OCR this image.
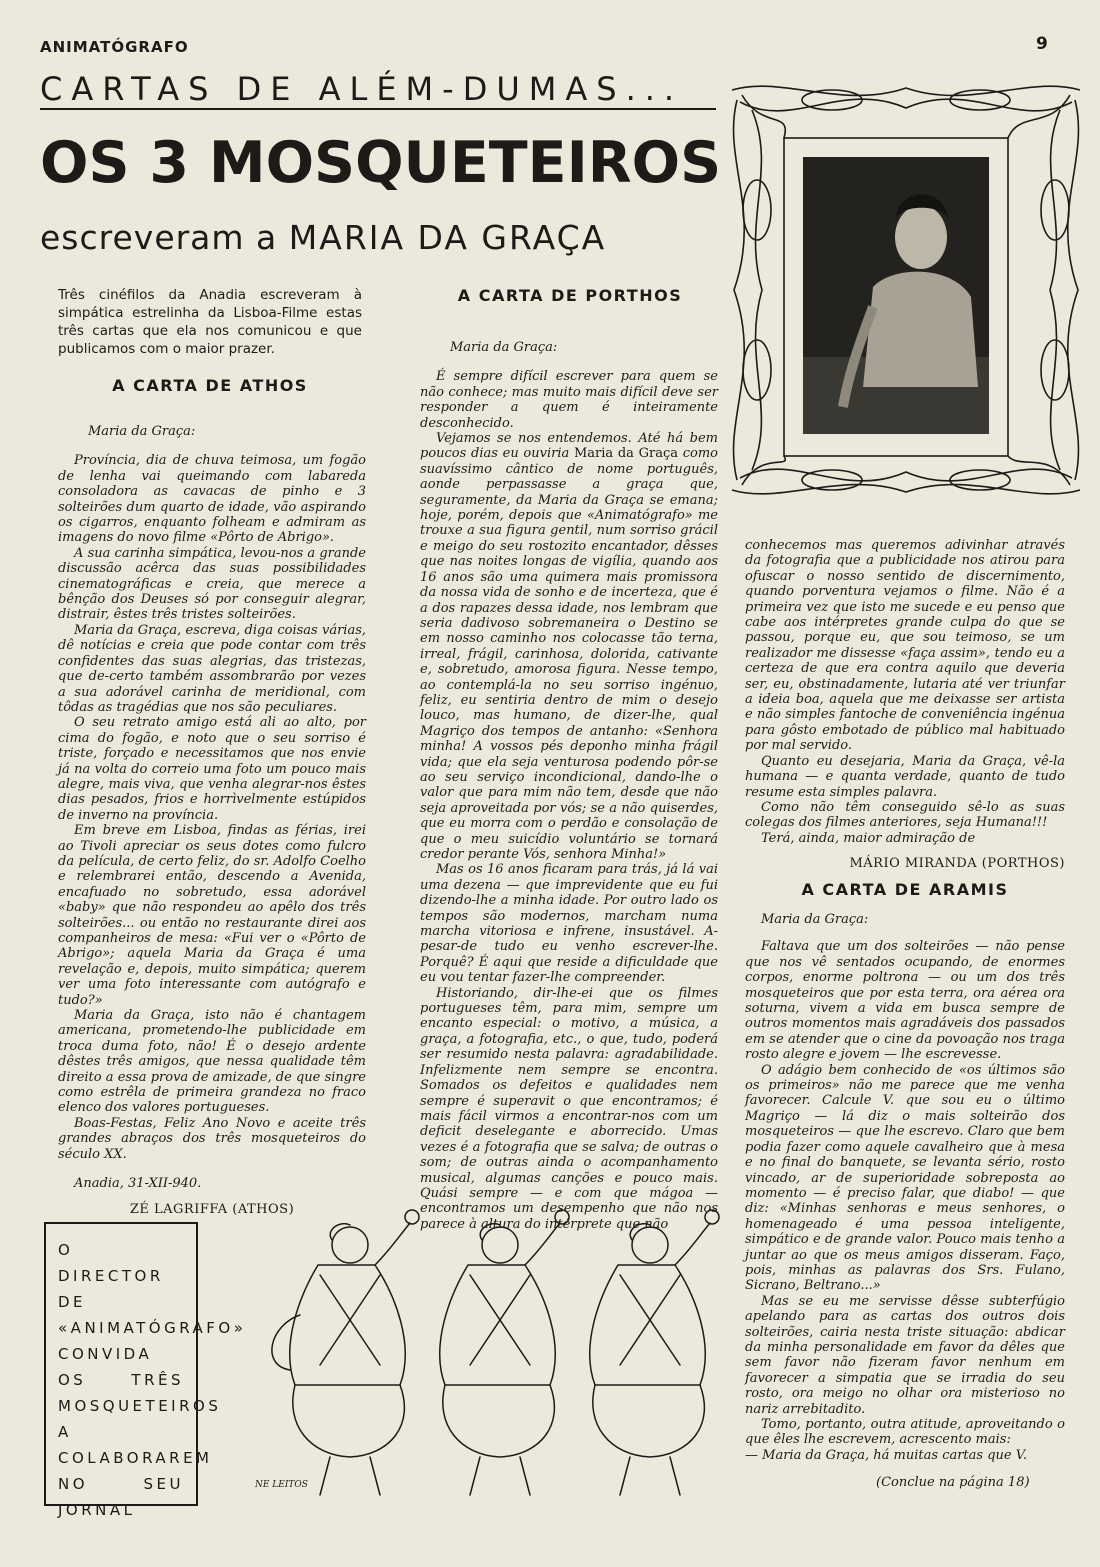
ANIMATÓGRAFO	9
CARTAS DE ALÉM-DUMAS...
OS 3 MOSQUETEIROS
escreveram a MARIA DA GRAÇA
Três cinéfilos da Anadia escreveram à simpática estrelinha da Lisboa-Filme estas três cartas que ela nos comunicou e que publicamos com o maior prazer.
A CARTA DE ATHOS

Maria da Graça:

Província, dia de chuva teimosa, um fogão de lenha vai queimando com labareda consoladora as cavacas de pinho e 3 solteirões dum quarto de idade, vão aspirando os cigarros, enquanto folheam e admiram as imagens do novo filme «Pôrto de Abrigo».

A sua carinha simpática, levou-nos a grande discussão acêrca das suas possibilidades cinematográficas e creia, que merece a bênção dos Deuses só por conseguir alegrar, distrair, êstes três tristes solteirões.

Maria da Graça, escreva, diga coisas várias, dê notícias e creia que pode contar com três confidentes das suas alegrias, das tristezas, que de-certo também assombrarão por vezes a sua adorável carinha de meridional, com tôdas as tragédias que nos são peculiares.

O seu retrato amigo está ali ao alto, por cima do fogão, e noto que o seu sorriso é triste, forçado e necessitamos que nos envie já na volta do correio uma foto um pouco mais alegre, mais viva, que venha alegrar-nos êstes dias pesados, frios e horrìvelmente estúpidos de inverno na província.

Em breve em Lisboa, findas as férias, irei ao Tivoli apreciar os seus dotes como fulcro da película, de certo feliz, do sr. Adolfo Coelho e relembrarei então, descendo a Avenida, encafuado no sobretudo, essa adorável «baby» que não respondeu ao apêlo dos três solteirões... ou então no restaurante direi aos companheiros de mesa: «Fui ver o «Pôrto de Abrigo»; aquela Maria da Graça é uma revelação e, depois, muito simpática; querem ver uma foto interessante com autógrafo e tudo?»

Maria da Graça, isto não é chantagem americana, prometendo-lhe publicidade em troca duma foto, não! É o desejo ardente dêstes três amigos, que nessa qualidade têm direito a essa prova de amizade, de que singre como estrêla de primeira grandeza no fraco elenco dos valores portugueses.

Boas-Festas, Feliz Ano Novo e aceite três grandes abraços dos três mosqueteiros do século XX.

Anadia, 31-XII-940.

ZÉ LAGRIFFA (ATHOS)

A CARTA DE PORTHOS

Maria da Graça:

É sempre difícil escrever para quem se não conhece; mas muito mais difícil deve ser responder a quem é inteiramente desconhecido.

Vejamos se nos entendemos. Até há bem poucos dias eu ouviria Maria da Graça como suavíssimo cântico de nome português, aonde perpassasse a graça que, seguramente, da Maria da Graça se emana; hoje, porém, depois que «Animatógrafo» me trouxe a sua figura gentil, num sorriso grácil e meigo do seu rostozito encantador, dêsses que nas noites longas de vigília, quando aos 16 anos são uma quimera mais promissora da nossa vida de sonho e de incerteza, que é a dos rapazes dessa idade, nos lembram que seria dadivoso sobremaneira o Destino se em nosso caminho nos colocasse tão terna, irreal, frágil, carinhosa, dolorida, cativante e, sobretudo, amorosa figura. Nesse tempo, ao contemplá-la no seu sorriso ingénuo, feliz, eu sentiria dentro de mim o desejo louco, mas humano, de dizer-lhe, qual Magriço dos tempos de antanho: «Senhora minha! A vossos pés deponho minha frágil vida; que ela seja venturosa podendo pôr-se ao seu serviço incondicional, dando-lhe o valor que para mim não tem, desde que não seja aproveitada por vós; se a não quiserdes, que eu morra com o perdão e consolação de que o meu suicídio voluntário se tornará credor perante Vós, senhora Minha!»

Mas os 16 anos ficaram para trás, já lá vai uma dezena — que imprevidente que eu fui dizendo-lhe a minha idade. Por outro lado os tempos são modernos, marcham numa marcha vitoriosa e infrene, insustável. A-pesar-de tudo eu venho escrever-lhe. Porquê? É aqui que reside a dificuldade que eu vou tentar fazer-lhe compreender.

Historiando, dir-lhe-ei que os filmes portugueses têm, para mim, sempre um encanto especial: o motivo, a música, a graça, a fotografia, etc., o que, tudo, poderá ser resumido nesta palavra: agradabilidade. Infelizmente nem sempre se encontra. Somados os defeitos e qualidades nem sempre é superavit o que encontramos; é mais fácil virmos a encontrar-nos com um deficit deselegante e aborrecido. Umas vezes é a fotografia que se salva; de outras o som; de outras ainda o acompanhamento musical, algumas canções e pouco mais. Quási sempre — e com que mágoa — encontramos um desempenho que não nos parece à altura do intérprete que não

conhecemos mas queremos adivinhar através da fotografia que a publicidade nos atirou para ofuscar o nosso sentido de discernimento, quando porventura vejamos o filme. Não é a primeira vez que isto me sucede e eu penso que cabe aos intérpretes grande culpa do que se passou, porque eu, que sou teimoso, se um realizador me dissesse «faça assim», tendo eu a certeza de que era contra aquilo que deveria ser, eu, obstinadamente, lutaria até ver triunfar a ideia boa, aquela que me deixasse ser artista e não simples fantoche de conveniência ingénua para gôsto embotado de público mal habituado por mal servido.

Quanto eu desejaria, Maria da Graça, vê-la humana — e quanta verdade, quanto de tudo resume esta simples palavra.

Como não têm conseguido sê-lo as suas colegas dos filmes anteriores, seja Humana!!!

Terá, ainda, maior admiração de

MÁRIO MIRANDA (PORTHOS)

A CARTA DE ARAMIS

Maria da Graça:

Faltava que um dos solteirões — não pense que nos vê sentados ocupando, de enormes corpos, enorme poltrona — ou um dos três mosqueteiros que por esta terra, ora aérea ora soturna, vivem a vida em busca sempre de outros momentos mais agradáveis dos passados em se atender que o cine da povoação nos traga rosto alegre e jovem — lhe escrevesse.

O adágio bem conhecido de «os últimos são os primeiros» não me parece que me venha favorecer. Calcule V. que sou eu o último Magriço — lá diz o mais solteirão dos mosqueteiros — que lhe escrevo. Claro que bem podia fazer como aquele cavalheiro que à mesa e no final do banquete, se levanta sério, rosto vincado, ar de superioridade sobreposta ao momento — é preciso falar, que diabo! — que diz: «Minhas senhoras e meus senhores, o homenageado é uma pessoa inteligente, simpático e de grande valor. Pouco mais tenho a juntar ao que os meus amigos disseram. Faço, pois, minhas as palavras dos Srs. Fulano, Sicrano, Beltrano...»

Mas se eu me servisse dêsse subterfúgio apelando para as cartas dos outros dois solteirões, cairia nesta triste situação: abdicar da minha personalidade em favor da dêles que sem favor não fizeram favor nenhum em favorecer a simpatia que se irradia do seu rosto, ora meigo no olhar ora misterioso no nariz arrebitadito.

Tomo, portanto, outra atitude, aproveitando o que êles lhe escrevem, acrescento mais:

— Maria da Graça, há muitas cartas que V.

(Conclue na página 18)
O DIRECTOR DE «ANIMATÓGRAFO» CONVIDA OS TRÊS MOSQUETEIROS A COLABORAREM NO SEU JORNAL
NE LEITOS
